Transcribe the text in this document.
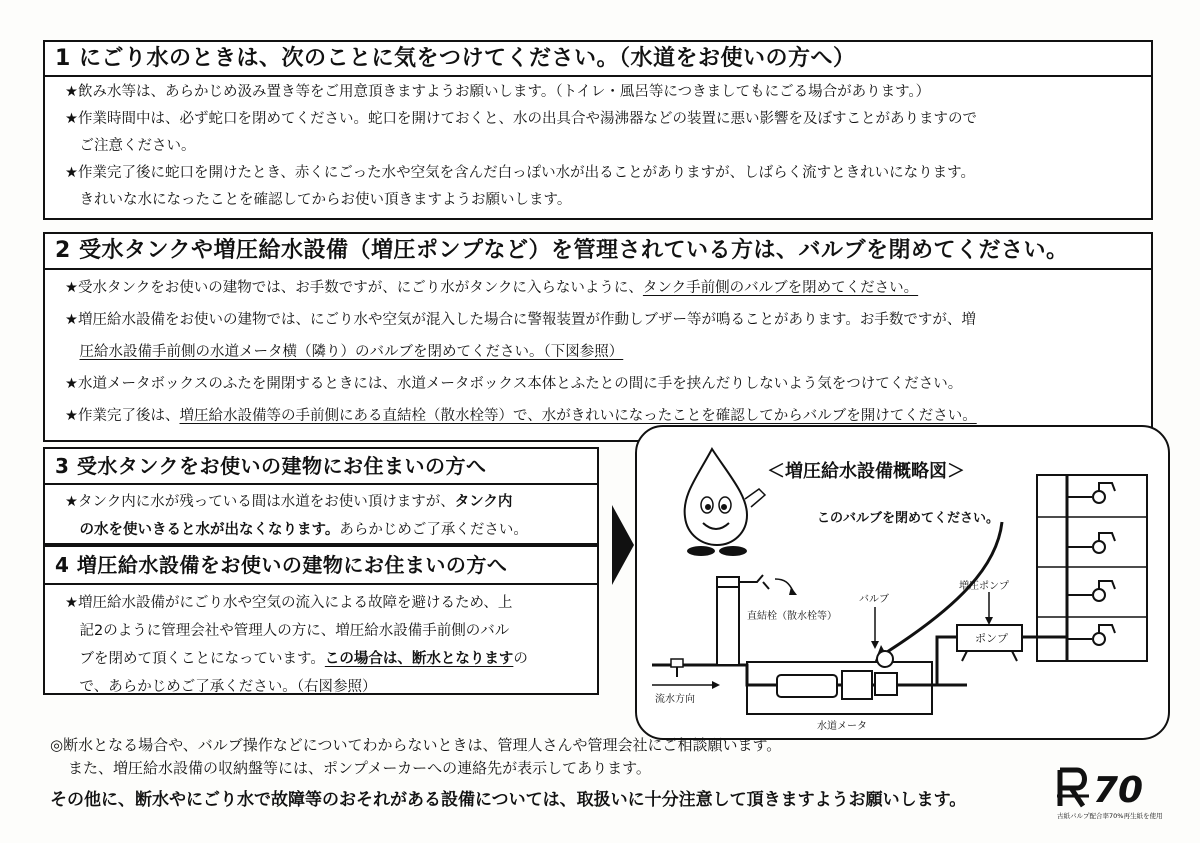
1 にごり水のときは、次のことに気をつけてください。（水道をお使いの方へ）
★飲み水等は、あらかじめ汲み置き等をご用意頂きますようお願いします。（トイレ・風呂等につきましてもにごる場合があります。）
★作業時間中は、必ず蛇口を閉めてください。蛇口を開けておくと、水の出具合や湯沸器などの装置に悪い影響を及ぼすことがありますので
　ご注意ください。
★作業完了後に蛇口を開けたとき、赤くにごった水や空気を含んだ白っぽい水が出ることがありますが、しばらく流すときれいになります。
　きれいな水になったことを確認してからお使い頂きますようお願いします。
2 受水タンクや増圧給水設備（増圧ポンプなど）を管理されている方は、バルブを閉めてください。
★受水タンクをお使いの建物では、お手数ですが、にごり水がタンクに入らないように、タンク手前側のバルブを閉めてください。
★増圧給水設備をお使いの建物では、にごり水や空気が混入した場合に警報装置が作動しブザー等が鳴ることがあります。お手数ですが、増
　圧給水設備手前側の水道メータ横（隣り）のバルブを閉めてください。（下図参照）
★水道メータボックスのふたを開閉するときには、水道メータボックス本体とふたとの間に手を挟んだりしないよう気をつけてください。
★作業完了後は、増圧給水設備等の手前側にある直結栓（散水栓等）で、水がきれいになったことを確認してからバルブを開けてください。
3 受水タンクをお使いの建物にお住まいの方へ
★タンク内に水が残っている間は水道をお使い頂けますが、タンク内
　の水を使いきると水が出なくなります。あらかじめご了承ください。
4 増圧給水設備をお使いの建物にお住まいの方へ
★増圧給水設備がにごり水や空気の流入による故障を避けるため、上
　記2のように管理会社や管理人の方に、増圧給水設備手前側のバル
　ブを閉めて頂くことになっています。この場合は、断水となりますの
　で、あらかじめご了承ください。（右図参照）
＜増圧給水設備概略図＞
このバルブを閉めてください。
直結栓（散水栓等）
バルブ
増圧ポンプ
ポンプ
流水方向
水道メータ
◎断水となる場合や、バルブ操作などについてわからないときは、管理人さんや管理会社にご相談願います。
また、増圧給水設備の収納盤等には、ポンプメーカーへの連絡先が表示してあります。
その他に、断水やにごり水で故障等のおそれがある設備については、取扱いに十分注意して頂きますようお願いします。	70
古紙パルプ配合率70%再生紙を使用
